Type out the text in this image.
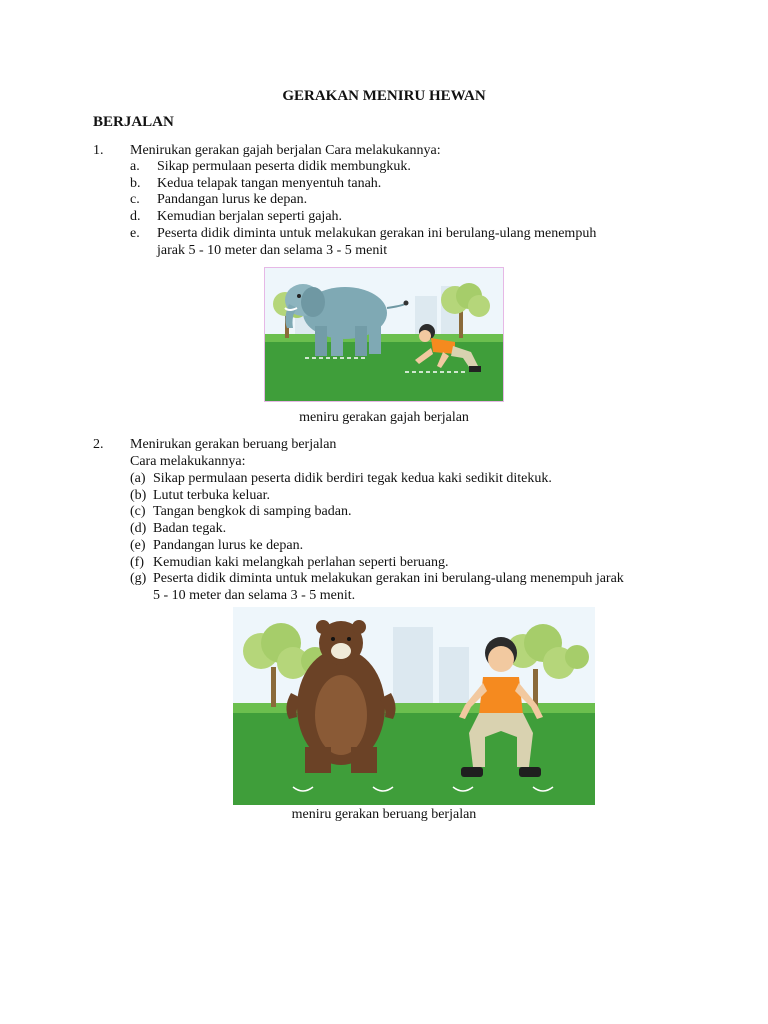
GERAKAN MENIRU HEWAN
BERJALAN
1. Menirukan gerakan gajah berjalan Cara melakukannya:
a. Sikap permulaan peserta didik membungkuk.
b. Kedua telapak tangan menyentuh tanah.
c. Pandangan lurus ke depan.
d. Kemudian berjalan seperti gajah.
e. Peserta didik diminta untuk melakukan gerakan ini berulang-ulang menempuh
jarak 5 - 10 meter dan selama 3 - 5 menit
meniru gerakan gajah berjalan
2. Menirukan gerakan beruang berjalan
Cara melakukannya:
(a) Sikap permulaan peserta didik berdiri tegak kedua kaki sedikit ditekuk.
(b) Lutut terbuka keluar.
(c) Tangan bengkok di samping badan.
(d) Badan tegak.
(e) Pandangan lurus ke depan.
(f) Kemudian kaki melangkah perlahan seperti beruang.
(g) Peserta didik diminta untuk melakukan gerakan ini berulang-ulang menempuh jarak
5 - 10 meter dan selama 3 - 5 menit.
meniru gerakan beruang berjalan
